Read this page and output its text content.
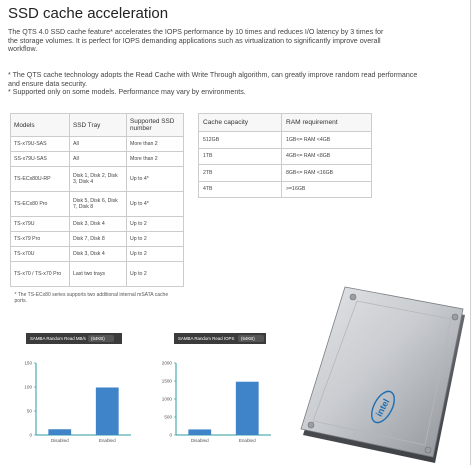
SSD cache acceleration
The QTS 4.0 SSD cache feature* accelerates the IOPS performance by 10 times and reduces I/O latency by 3 times for the storage volumes. It is perfect for IOPS demanding applications such as virtualization to significantly improve overall workflow.
* The QTS cache technology adopts the Read Cache with Write Through algorithm, can greatly improve random read performance and ensure data security.
* Supported only on some models. Performance may vary by environments.
Models	SSD Tray	Supported SSD number
TS-x79U-SAS	All	More than 2
SS-x79U-SAS	All	More than 2
TS-ECx80U-RP	Disk 1, Disk 2, Disk 3, Disk 4	Up to 4*
TS-ECx80 Pro	Disk 5, Disk 6, Disk 7, Disk 8	Up to 4*
TS-x79U	Disk 3, Disk 4	Up to 2
TS-x79 Pro	Disk 7, Disk 8	Up to 2
TS-x70U	Disk 3, Disk 4	Up to 2
TS-x70 / TS-x70 Pro	Last two trays	Up to 2
* The TS-ECx80 series supports two additional internal mSATA cache ports.		
Cache capacity	RAM requirement
512GB	1GB<= RAM <4GB
1TB	4GB<= RAM <8GB
2TB	8GB<= RAM <16GB
4TB	>=16GB
intel
SAMBA Random Read MB/s (64KB)
0
50
100
150
Disabled	Enabled
SAMBA Random Read IOPS (64KB)
0
500
1000
1500
2000
Disabled	Enabled
